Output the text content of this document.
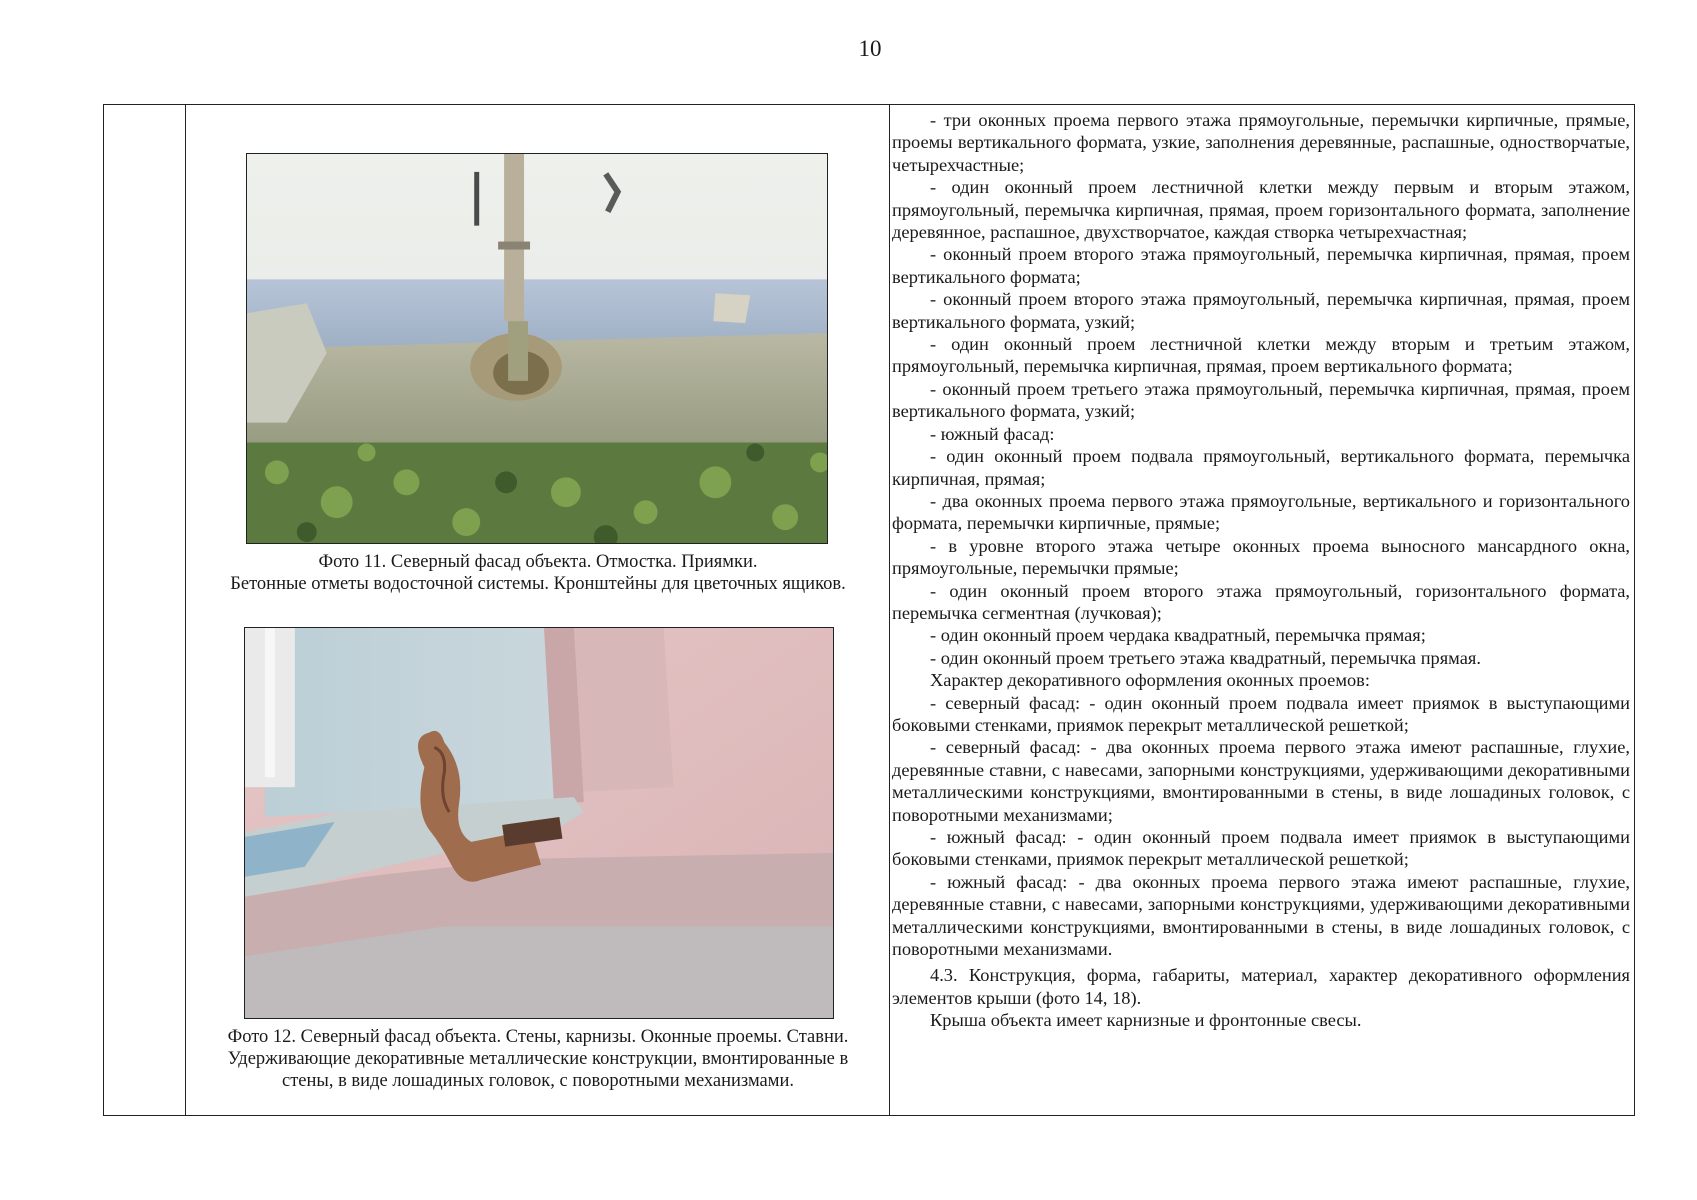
10
Фото 11. Северный фасад объекта. Отмостка. Приямки.
Бетонные отметы водосточной системы. Кронштейны для цветочных ящиков.
Фото 12. Северный фасад объекта. Стены, карнизы. Оконные проемы. Ставни.
Удерживающие декоративные металлические конструкции, вмонтированные в
стены, в виде лошадиных головок, с поворотными механизмами.

- три оконных проема первого этажа прямоугольные, перемычки кирпичные, прямые, проемы вертикального формата, узкие, заполнения деревянные, распашные, одностворчатые, четырехчастные;

- один оконный проем лестничной клетки между первым и вторым этажом, прямоугольный, перемычка кирпичная, прямая, проем горизонтального формата, заполнение деревянное, распашное, двухстворчатое, каждая створка четырехчастная;

- оконный проем второго этажа прямоугольный, перемычка кирпичная, прямая, проем вертикального формата;

- оконный проем второго этажа прямоугольный, перемычка кирпичная, прямая, проем вертикального формата, узкий;

- один оконный проем лестничной клетки между вторым и третьим этажом, прямоугольный, перемычка кирпичная, прямая, проем вертикального формата;

- оконный проем третьего этажа прямоугольный, перемычка кирпичная, прямая, проем вертикального формата, узкий;

- южный фасад:

- один оконный проем подвала прямоугольный, вертикального формата, перемычка кирпичная, прямая;

- два оконных проема первого этажа прямоугольные, вертикального и горизонтального формата, перемычки кирпичные, прямые;

- в уровне второго этажа четыре оконных проема выносного мансардного окна, прямоугольные, перемычки прямые;

- один оконный проем второго этажа прямоугольный, горизонтального формата, перемычка сегментная (лучковая);

- один оконный проем чердака квадратный, перемычка прямая;

- один оконный проем третьего этажа квадратный, перемычка прямая.

Характер декоративного оформления оконных проемов:

- северный фасад: - один оконный проем подвала имеет приямок в выступающими боковыми стенками, приямок перекрыт металлической решеткой;

- северный фасад: - два оконных проема первого этажа имеют распашные, глухие, деревянные ставни, с навесами, запорными конструкциями, удерживающими декоративными металлическими конструкциями, вмонтированными в стены, в виде лошадиных головок, с поворотными механизмами;

- южный фасад: - один оконный проем подвала имеет приямок в выступающими боковыми стенками, приямок перекрыт металлической решеткой;

- южный фасад: - два оконных проема первого этажа имеют распашные, глухие, деревянные ставни, с навесами, запорными конструкциями, удерживающими декоративными металлическими конструкциями, вмонтированными в стены, в виде лошадиных головок, с поворотными механизмами.

4.3. Конструкция, форма, габариты, материал, характер декоративного оформления элементов крыши (фото 14, 18).

Крыша объекта имеет карнизные и фронтонные свесы.
